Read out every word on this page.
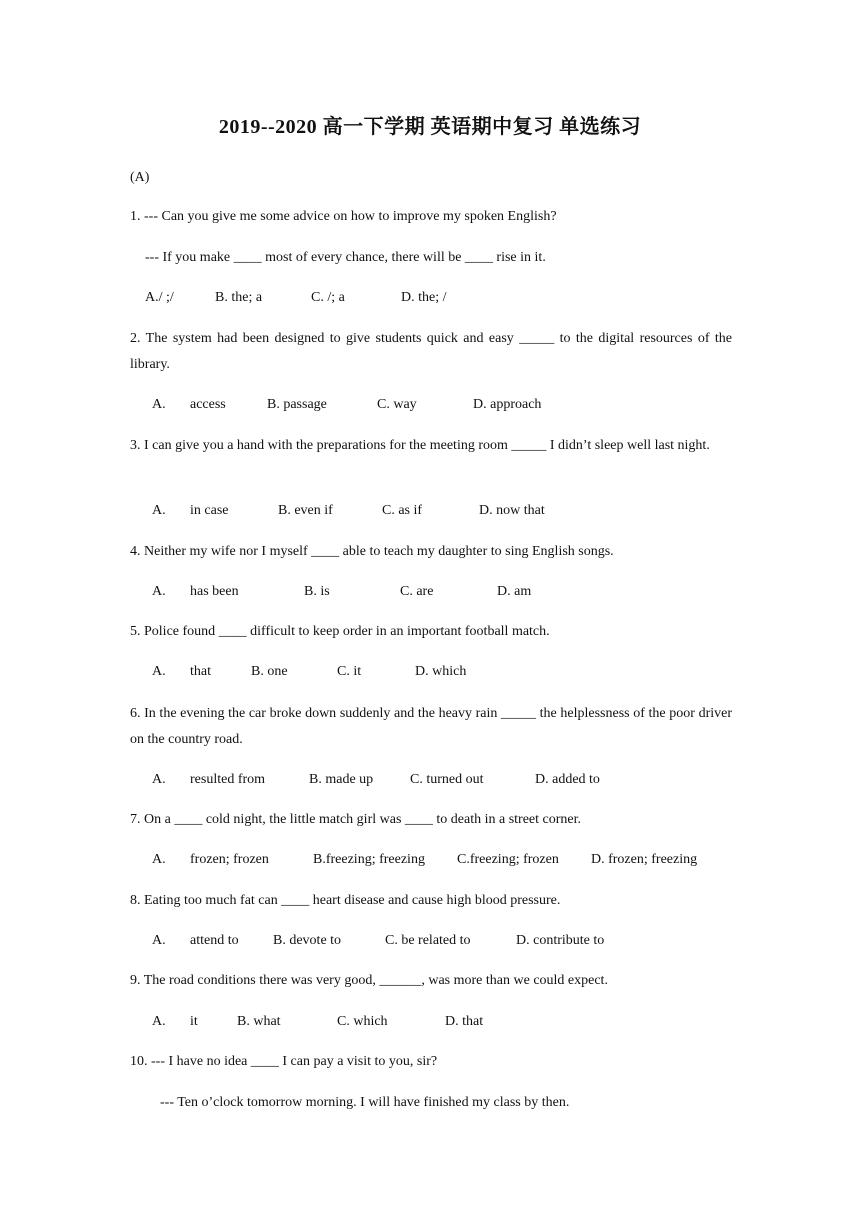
2019--2020 高一下学期 英语期中复习 单选练习
(A)
1. --- Can you give me some advice on how to improve my spoken English?
--- If you make ____ most of every chance, there will be ____ rise in it.
A./ ;/	B. the; a	C. /; a	D. the; /
2. The system had been designed to give students quick and easy _____ to the digital resources of the library.
A. access	B. passage	C. way	D. approach
3. I can give you a hand with the preparations for the meeting room _____ I didn’t sleep well last night.
A. in case	B. even if	C. as if	D. now that
4. Neither my wife nor I myself ____ able to teach my daughter to sing English songs.
A. has been	B. is	C. are	D. am
5. Police found ____ difficult to keep order in an important football match.
A. that	B. one	C. it	D. which
6. In the evening the car broke down suddenly and the heavy rain _____ the helplessness of the poor driver on the country road.
A. resulted from	B. made up	C. turned out	D. added to
7. On a ____ cold night, the little match girl was ____ to death in a street corner.
A. frozen; frozen	B.freezing; freezing C.freezing; frozen D. frozen; freezing
8. Eating too much fat can ____ heart disease and cause high blood pressure.
A. attend to B. devote to	C. be related to	D. contribute to
9. The road conditions there was very good, ______, was more than we could expect.
A. it	B. what	C. which	D. that
10. --- I have no idea ____ I can pay a visit to you, sir?
--- Ten o’clock tomorrow morning. I will have finished my class by then.
